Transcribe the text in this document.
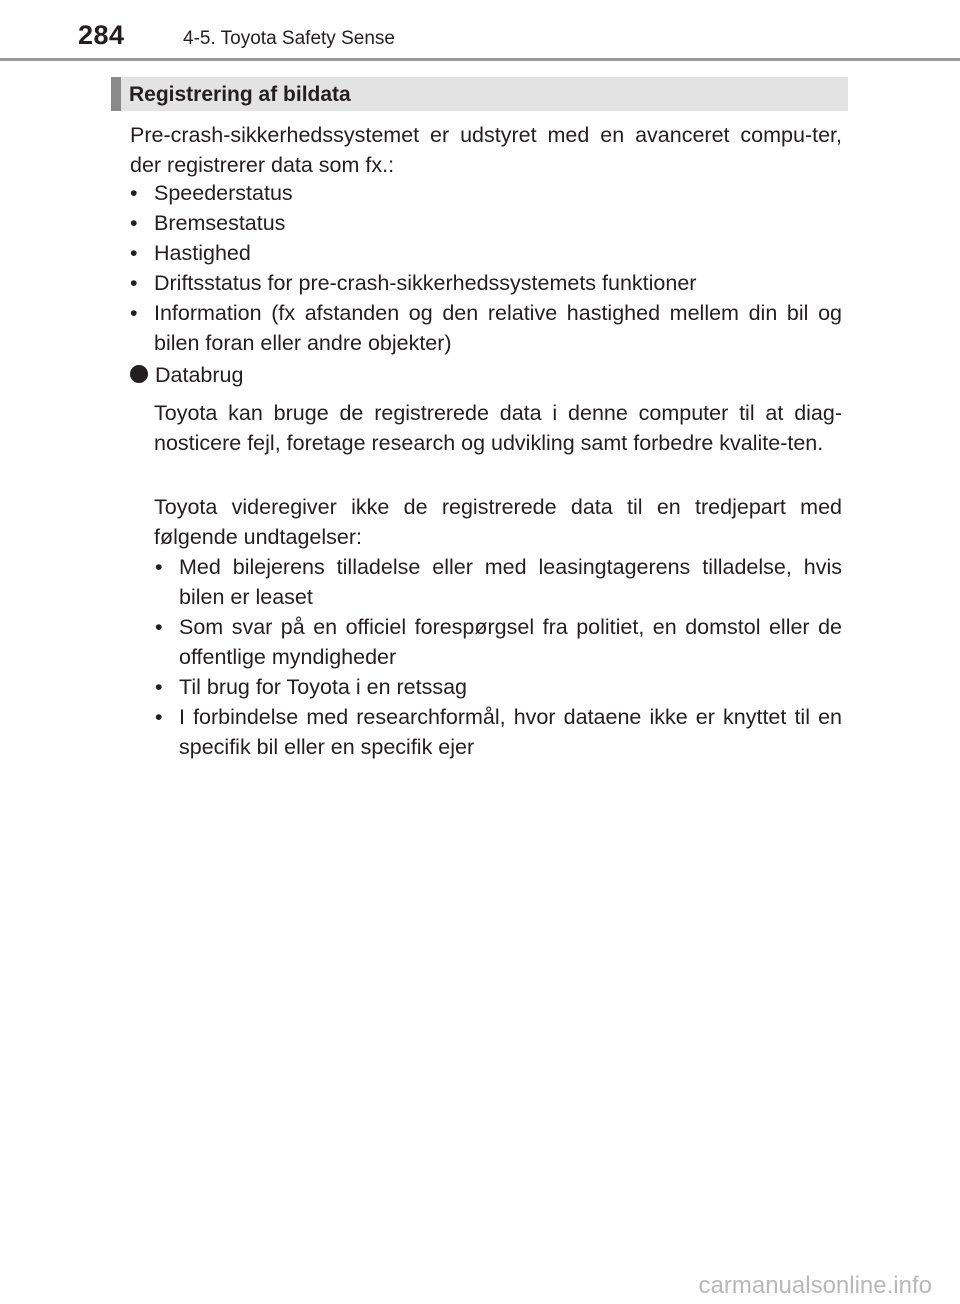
284	4-5. Toyota Safety Sense
Registrering af bildata

Pre-crash-sikkerhedssystemet er udstyret med en avanceret compu-ter, der registrerer data som fx.:

• Speederstatus
• Bremsestatus
• Hastighed
• Driftsstatus for pre-crash-sikkerhedssystemets funktioner
• Information (fx afstanden og den relative hastighed mellem din bil og bilen foran eller andre objekter)
Databrug

Toyota kan bruge de registrerede data i denne computer til at diag-nosticere fejl, foretage research og udvikling samt forbedre kvalite-ten.

Toyota videregiver ikke de registrerede data til en tredjepart med følgende undtagelser:

• Med bilejerens tilladelse eller med leasingtagerens tilladelse, hvis bilen er leaset
• Som svar på en officiel forespørgsel fra politiet, en domstol eller de offentlige myndigheder
• Til brug for Toyota i en retssag
• I forbindelse med researchformål, hvor dataene ikke er knyttet til en specifik bil eller en specifik ejer
carmanualsonline.info
